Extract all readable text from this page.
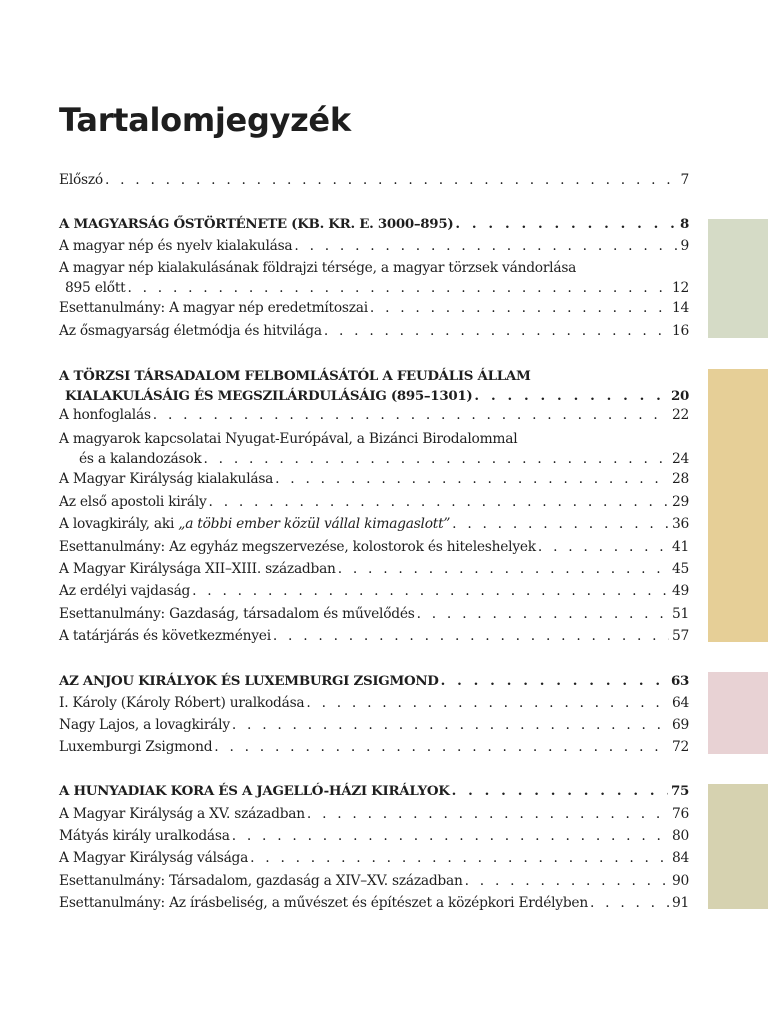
Tartalomjegyzék
Előszó . . .	7
A MAGYARSÁG ŐSTÖRTÉNETE (KB. KR. E. 3000–895) . . .	8
A magyar nép és nyelv kialakulása . . .	9
A magyar nép kialakulásának földrajzi térsége, a magyar törzsek vándorlása
895 előtt . . .	12
Esettanulmány: A magyar nép eredetmítoszai . . .	14
Az ősmagyarság életmódja és hitvilága . . .	16
A TÖRZSI TÁRSADALOM FELBOMLÁSÁTÓL A FEUDÁLIS ÁLLAM
KIALAKULÁSÁIG ÉS MEGSZILÁRDULÁSÁIG (895–1301) . . .	20
A honfoglalás . . .	22
A magyarok kapcsolatai Nyugat-Európával, a Bizánci Birodalommal
és a kalandozások . . .	24
A Magyar Királyság kialakulása . . .	28
Az első apostoli király . . .	29
A lovagkirály, aki „a többi ember közül vállal kimagaslott” . . .	36
Esettanulmány: Az egyház megszervezése, kolostorok és hiteleshelyek . . .	41
A Magyar Királysága XII–XIII. században . . .	45
Az erdélyi vajdaság . . .	49
Esettanulmány: Gazdaság, társadalom és művelődés . . .	51
A tatárjárás és következményei . . .	57
AZ ANJOU KIRÁLYOK ÉS LUXEMBURGI ZSIGMOND . . .	63
I. Károly (Károly Róbert) uralkodása . . .	64
Nagy Lajos, a lovagkirály . . .	69
Luxemburgi Zsigmond . . .	72
A HUNYADIAK KORA ÉS A JAGELLÓ-HÁZI KIRÁLYOK . . .	75
A Magyar Királyság a XV. században . . .	76
Mátyás király uralkodása . . .	80
A Magyar Királyság válsága . . .	84
Esettanulmány: Társadalom, gazdaság a XIV–XV. században . . .	90
Esettanulmány: Az írásbeliség, a művészet és építészet a középkori Erdélyben . . .	91
